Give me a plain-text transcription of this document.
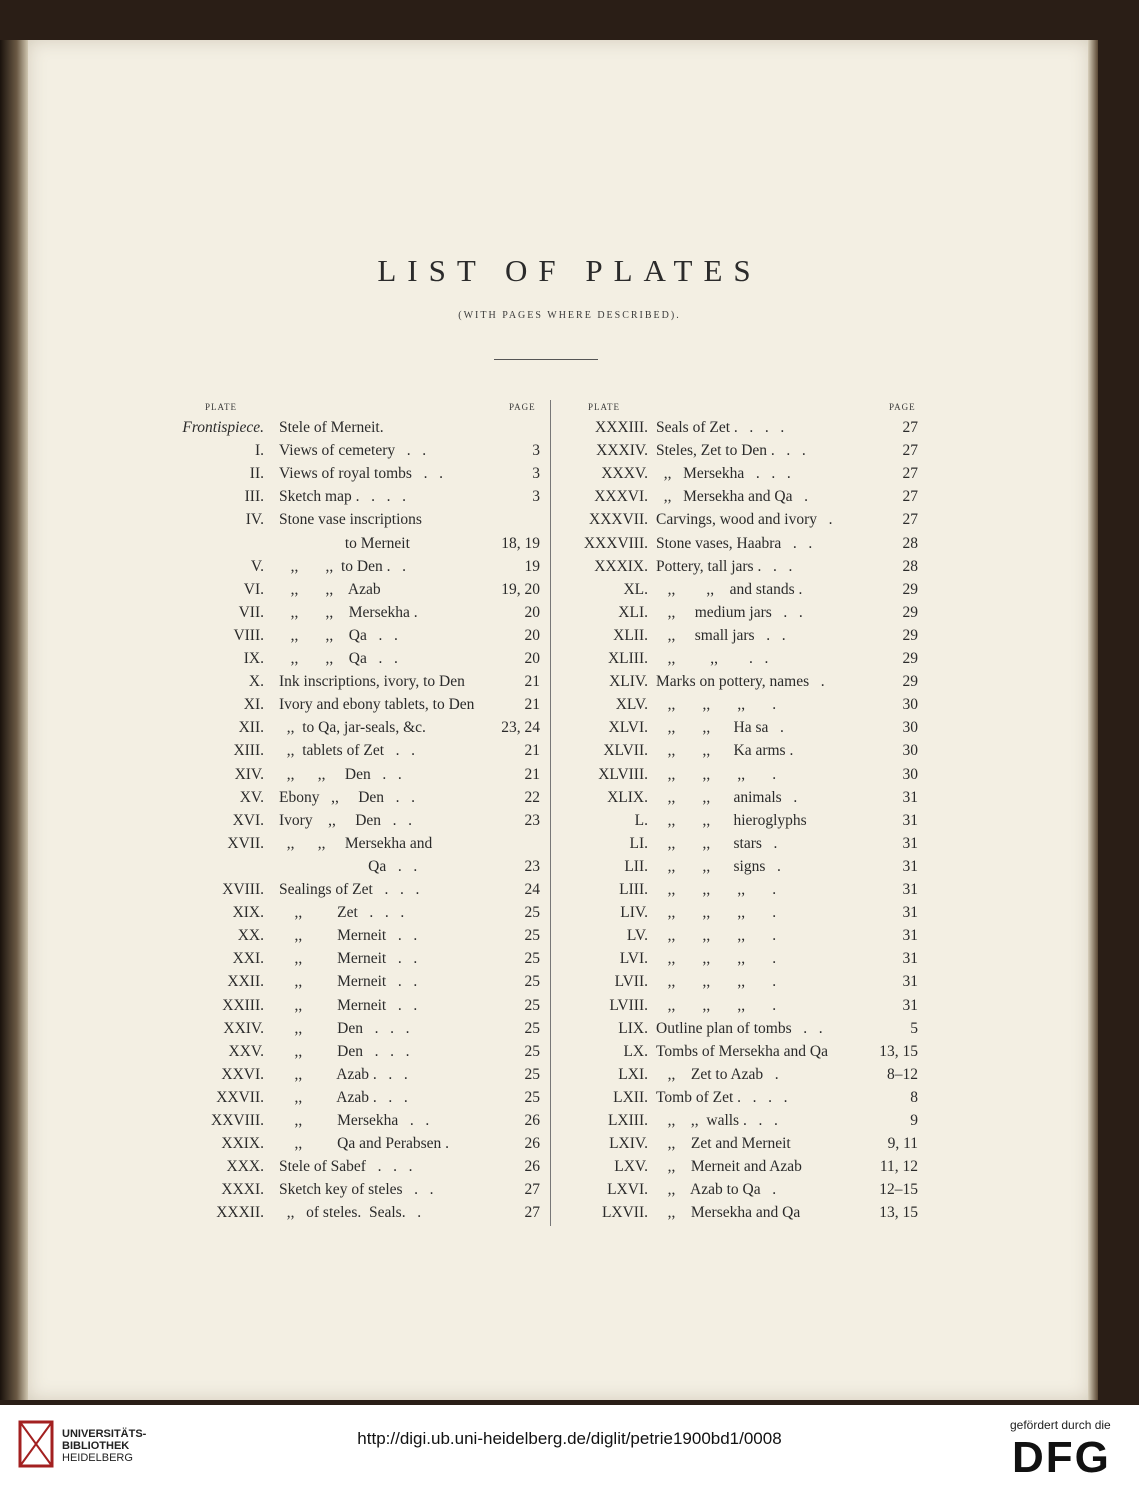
LIST OF PLATES
(WITH PAGES WHERE DESCRIBED).
PLATE	PAGE	PLATE	PAGE
Frontispiece. Stele of Merneit.
I. Views of cemetery   .   .	3
II. Views of royal tombs   .   .	3
III. Sketch map .   .   .   .	3
IV. Stone vase inscriptions
to Merneit	18, 19
V. ,,       ,,  to Den .   .	19
VI. ,,       ,,    Azab	19, 20
VII. ,,       ,,    Mersekha .	20
VIII. ,,       ,,    Qa   .   .	20
IX. ,,       ,,    Qa   .   .	20
X. Ink inscriptions, ivory, to Den	21
XI. Ivory and ebony tablets, to Den	21
XII. ,,  to Qa, jar-seals, &c.	23, 24
XIII. ,,  tablets of Zet   .   .	21
XIV. ,,      ,,     Den   .   .	21
XV. Ebony   ,,     Den   .   .	22
XVI. Ivory    ,,     Den   .   .	23
XVII. ,,      ,,     Mersekha and
Qa   .   .	23
XVIII. Sealings of Zet   .   .   .	24
XIX. ,,         Zet   .   .   .	25
XX. ,,         Merneit   .   .	25
XXI. ,,         Merneit   .   .	25
XXII. ,,         Merneit   .   .	25
XXIII. ,,         Merneit   .   .	25
XXIV. ,,         Den   .   .   .	25
XXV. ,,         Den   .   .   .	25
XXVI. ,,         Azab .   .   .	25
XXVII. ,,         Azab .   .   .	25
XXVIII. ,,         Mersekha   .   .	26
XXIX. ,,         Qa and Perabsen .	26
XXX. Stele of Sabef   .   .   .	26
XXXI. Sketch key of steles   .   .	27
XXXII. ,,   of steles.  Seals.   .	27
XXXIII. Seals of Zet .   .   .   .	27
XXXIV. Steles, Zet to Den .   .   .	27
XXXV. ,,   Mersekha   .   .   .	27
XXXVI. ,,   Mersekha and Qa   .	27
XXXVII. Carvings, wood and ivory   .	27
XXXVIII. Stone vases, Haabra   .   .	28
XXXIX. Pottery, tall jars .   .   .	28
XL. ,,        ,,    and stands .	29
XLI. ,,     medium jars   .   .	29
XLII. ,,     small jars   .   .	29
XLIII. ,,         ,,        .   .	29
XLIV. Marks on pottery, names   .	29
XLV. ,,       ,,       ,,       .	30
XLVI. ,,       ,,      Ha sa   .	30
XLVII. ,,       ,,      Ka arms .	30
XLVIII. ,,       ,,       ,,       .	30
XLIX. ,,       ,,      animals   .	31
L. ,,       ,,      hieroglyphs	31
LI. ,,       ,,      stars   .	31
LII. ,,       ,,      signs   .	31
LIII. ,,       ,,       ,,       .	31
LIV. ,,       ,,       ,,       .	31
LV. ,,       ,,       ,,       .	31
LVI. ,,       ,,       ,,       .	31
LVII. ,,       ,,       ,,       .	31
LVIII. ,,       ,,       ,,       .	31
LIX. Outline plan of tombs   .   .	5
LX. Tombs of Mersekha and Qa	13, 15
LXI. ,,    Zet to Azab   .	8–12
LXII. Tomb of Zet .   .   .   .	8
LXIII. ,,    ,,  walls .   .   .	9
LXIV. ,,    Zet and Merneit	9, 11
LXV. ,,    Merneit and Azab	11, 12
LXVI. ,,    Azab to Qa   .	12–15
LXVII. ,,    Mersekha and Qa	13, 15
UNIVERSITÄTS-
BIBLIOTHEK
HEIDELBERG
http://digi.ub.uni-heidelberg.de/diglit/petrie1900bd1/0008
gefördert durch die
DFG
